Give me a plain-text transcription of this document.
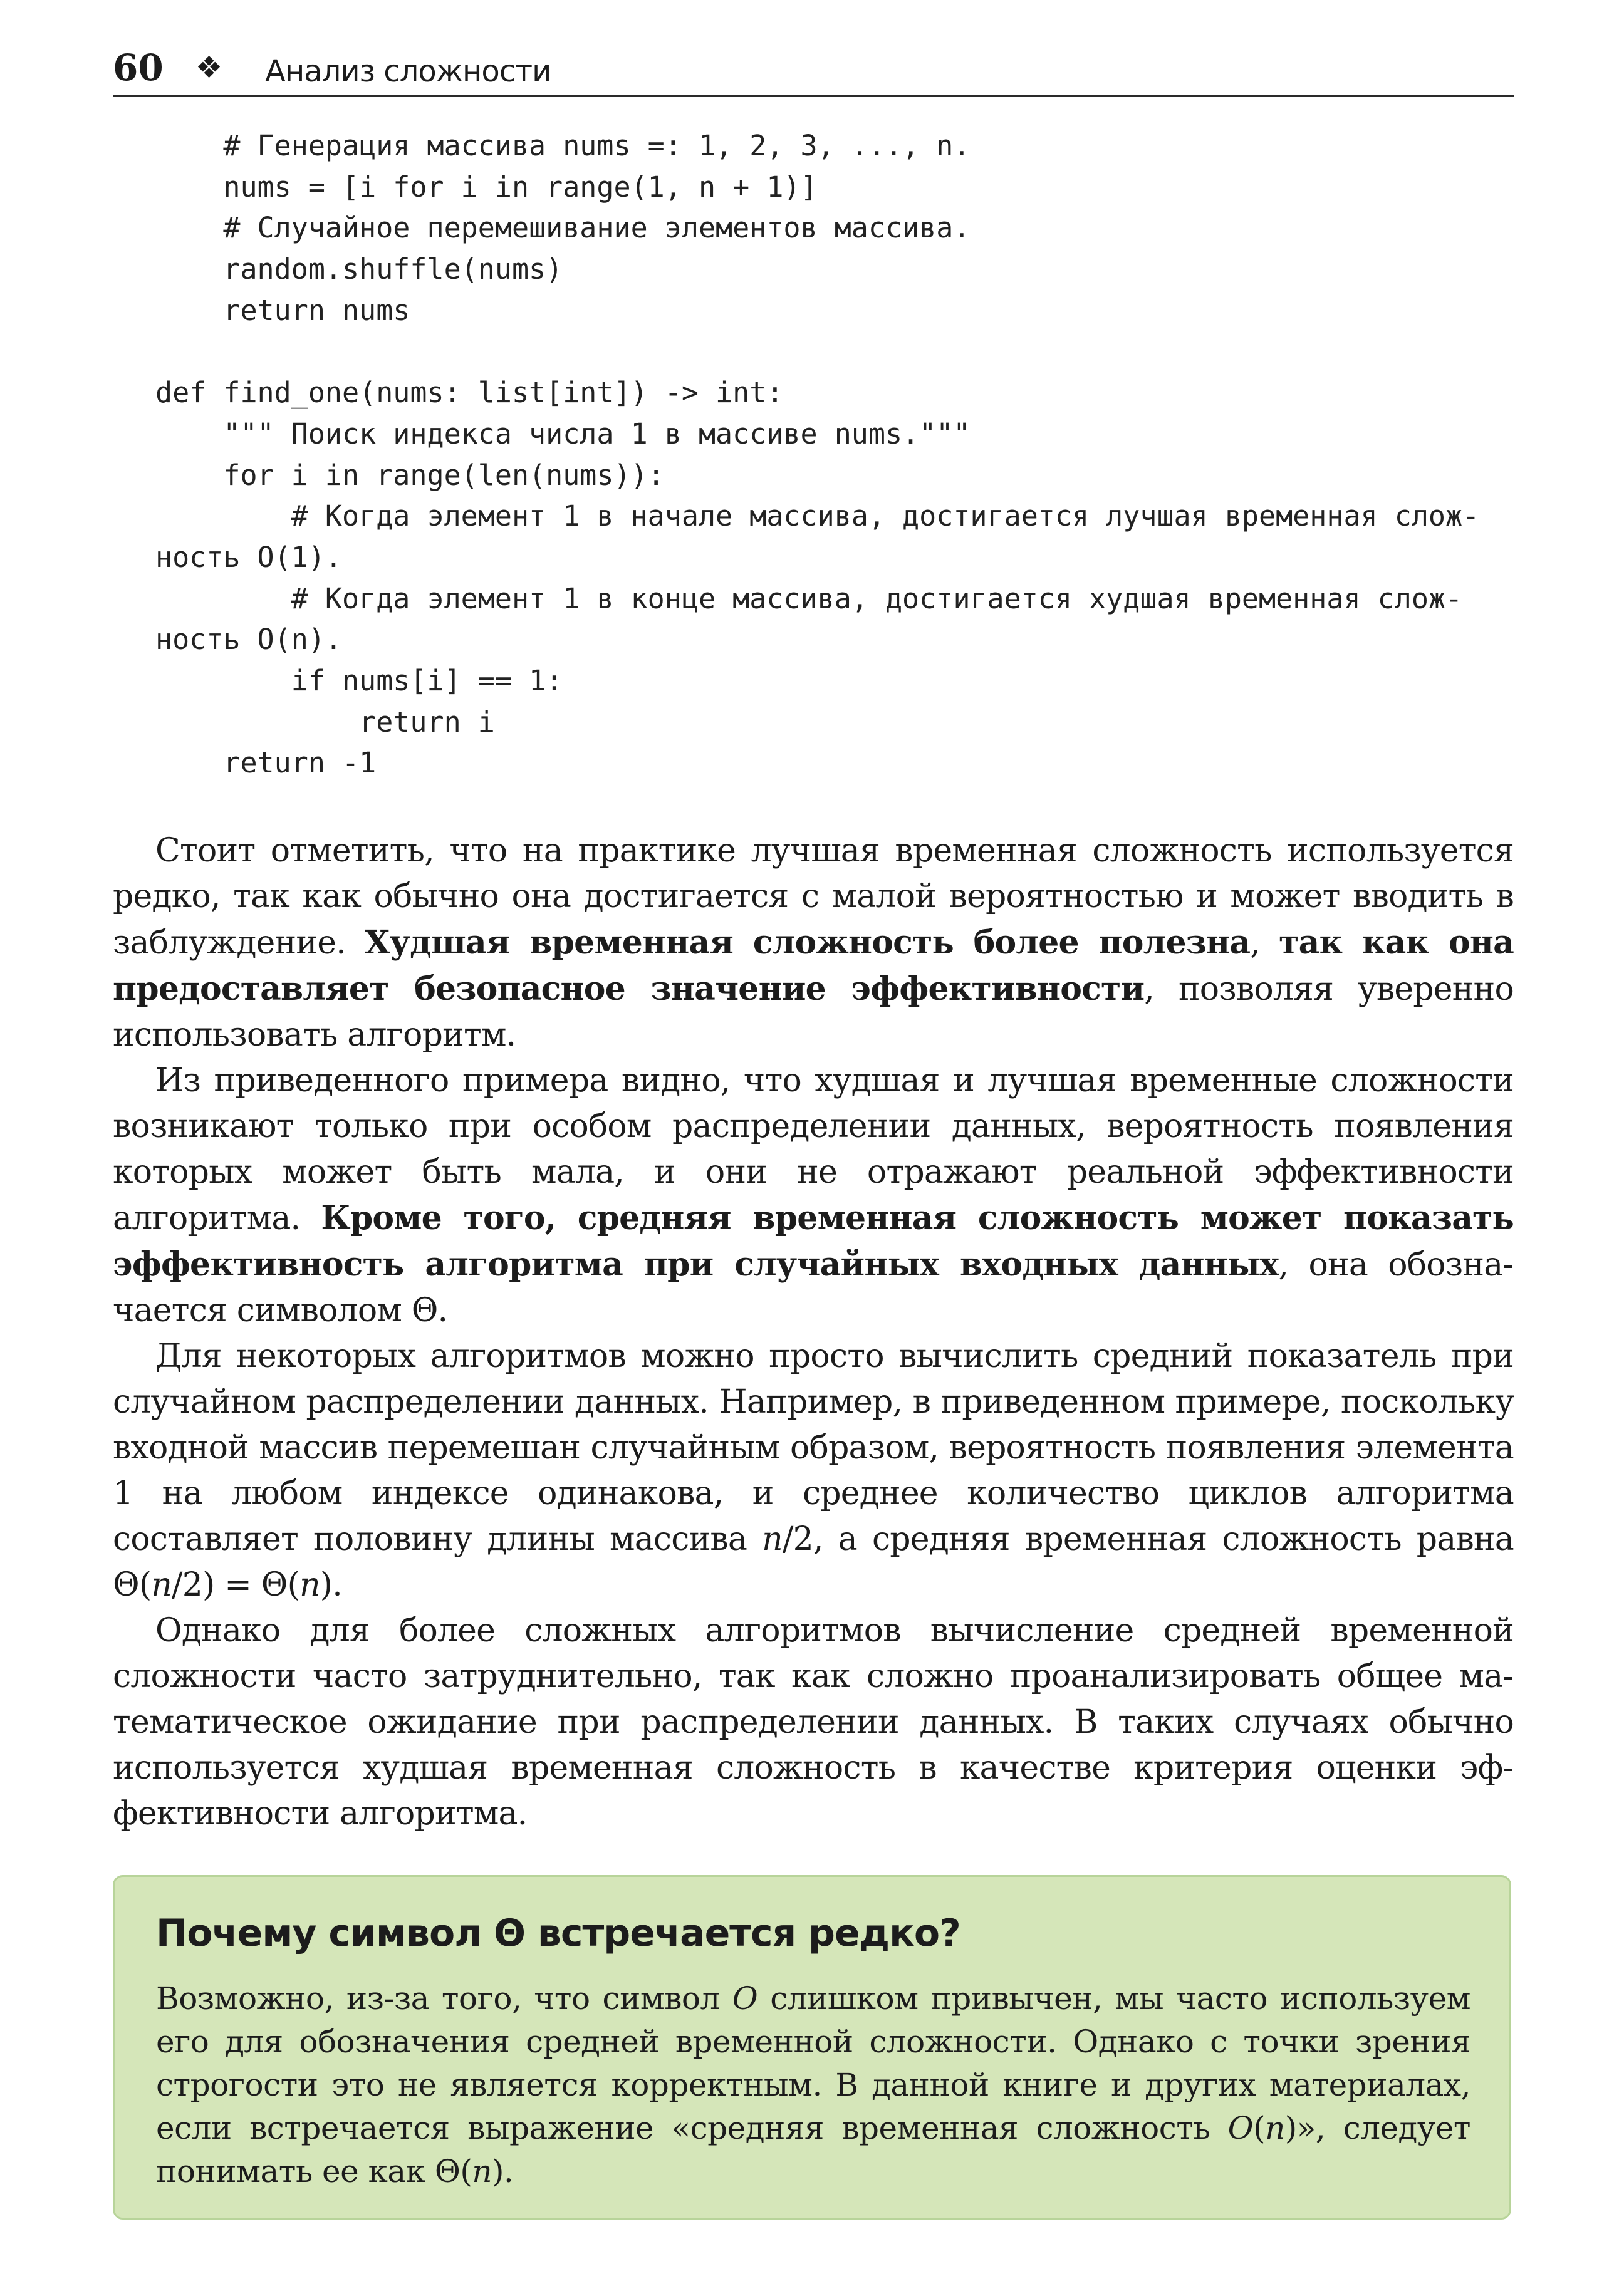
60 ❖ Анализ сложности
# Генерация массива nums =: 1, 2, 3, ..., n.
nums = [i for i in range(1, n + 1)]
# Случайное перемешивание элементов массива.
random.shuffle(nums)
return nums
def find_one(nums: list[int]) -> int:
""" Поиск индекса числа 1 в массиве nums."""
for i in range(len(nums)):
# Когда элемент 1 в начале массива, достигается лучшая временная слож-
ность O(1).
# Когда элемент 1 в конце массива, достигается худшая временная слож-
ность O(n).
if nums[i] == 1:
return i
return -1

Стоит отметить, что на практике лучшая временная сложность используется редко, так как обычно она достигается с малой вероятностью и может вводить в заблуждение. Худшая временная сложность более полезна, так как она предоставляет безопасное значение эффективности, позволяя уверенно использовать алгоритм.

Из приведенного примера видно, что худшая и лучшая временные сложности возникают только при особом распределении данных, вероятность появления которых может быть мала, и они не отражают реальной эффективности алгоритма. Кроме того, средняя временная сложность может показать эффективность алгоритма при случайных входных данных, она обозначается символом Θ.

Для некоторых алгоритмов можно просто вычислить средний показатель при случайном распределении данных. Например, в приведенном примере, поскольку входной массив перемешан случайным образом, вероятность появления элемента 1 на любом индексе одинакова, и среднее количество циклов алгоритма составляет половину длины массива n/2, а средняя временная сложность равна Θ(n/2) = Θ(n).

Однако для более сложных алгоритмов вычисление средней временной сложности часто затруднительно, так как сложно проанализировать общее математическое ожидание при распределении данных. В таких случаях обычно используется худшая временная сложность в качестве критерия оценки эффективности алгоритма.

Почему символ Θ встречается редко?

Возможно, из-за того, что символ O слишком привычен, мы часто используем его для обозначения средней временной сложности. Однако с точки зрения строгости это не является корректным. В данной книге и других материалах, если встречается выражение «средняя временная сложность O(n)», следует понимать ее как Θ(n).
